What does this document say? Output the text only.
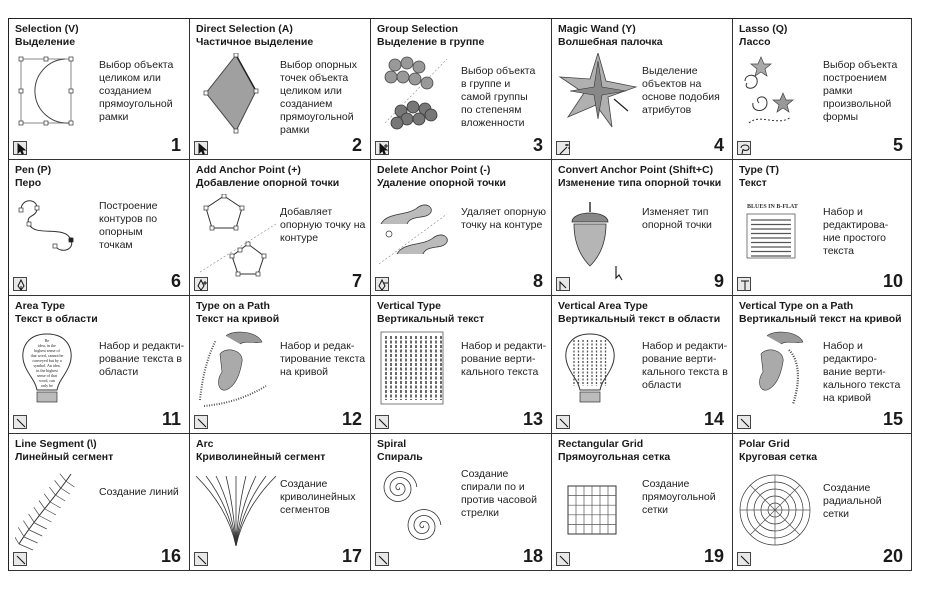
Selection (V)
Выделение
Выбор объекта
целиком или
созданием
прямоугольной
рамки
1
Direct Selection (A)
Частичное выделение
Выбор опорных
точек объекта
целиком или
созданием
прямоугольной
рамки
2
Group Selection
Выделение в группе
Выбор объекта
в группе и
самой группы
по степеням
вложенности
3
Magic Wand (Y)
Волшебная палочка
Выделение
объектов на
основе подобия
атрибутов
4
Lasso (Q)
Лассо
Выбор объекта
построением
рамки
произвольной
формы
5
Pen (P)
Перо
Построение
контуров по
опорным
точкам
6
Add Anchor Point (+)
Добавление опорной точки
Добавляет
опорную точку на
контуре
7
Delete Anchor Point (-)
Удаление опорной точки
Удаляет опорную
точку на контуре
8
Convert Anchor Point (Shift+C)
Изменение типа опорной точки
Изменяет тип
опорной точки
9
Type (T)
Текст
BLUES IN B-FLAT Набор и
редактирова-
ние простого
текста
10
Area Type
Текст в области
Be
idea, in the
highest sense of
that word, cannot be
conveyed but by a
symbol. An idea,
in the highest
sense of that
word, can
only be
Набор и редакти-
рование текста в
области
11
Type on a Path
Текст на кривой
Набор и редак-
тирование текста
на кривой
12
Vertical Type
Вертикальный текст
Набор и редакти-
рование верти-
кального текста
13
Vertical Area Type
Вертикальный текст в области
Набор и редакти-
рование верти-
кального текста в
области
14
Vertical Type on a Path
Вертикальный текст на кривой
Набор и
редактиро-
вание верти-
кального текста
на кривой
15
Line Segment (\)
Линейный сегмент
Создание линий
16
Arc
Криволинейный сегмент
Создание
криволинейных
сегментов
17
Spiral
Спираль
Создание
спирали по и
против часовой
стрелки
18
Rectangular Grid
Прямоугольная сетка
Создание
прямоугольной
сетки
19
Polar Grid
Круговая сетка
Создание
радиальной
сетки
20
